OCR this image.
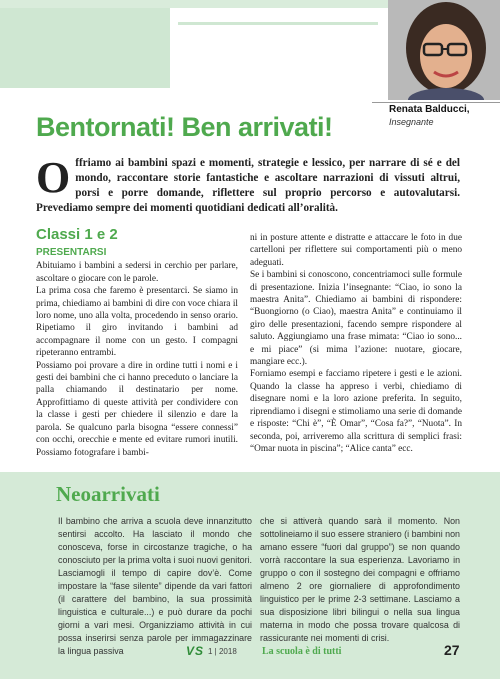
Renata Balducci,
Insegnante
Bentornati! Ben arrivati!

O ffriamo ai bambini spazi e momenti, strategie e lessico, per narrare di sé e del mondo, raccontare storie fantastiche e ascoltare narrazioni di vissuti altrui, porsi e porre domande, riflettere sul proprio percorso e autovalutarsi. Prevediamo sempre dei momenti quotidiani dedicati all’oralità.

Classi 1 e 2
PRESENTARSI

Abituiamo i bambini a sedersi in cerchio per parlare, ascoltare o giocare con le parole.

La prima cosa che faremo è presentarci. Se siamo in prima, chiediamo ai bambini di dire con voce chiara il loro nome, uno alla volta, procedendo in senso orario. Ripetiamo il giro invitando i bambini ad accompagnare il nome con un gesto. I compagni ripeteranno entrambi.

Possiamo poi provare a dire in ordine tutti i nomi e i gesti dei bambini che ci hanno preceduto o lanciare la palla chiamando il destinatario per nome. Approfittiamo di queste attività per condividere con la classe i gesti per chiedere il silenzio e dare la parola. Se qualcuno parla bisogna “essere connessi” con occhi, orecchie e mente ed evitare rumori inutili. Possiamo fotografare i bambi-

ni in posture attente e distratte e attaccare le foto in due cartelloni per riflettere sui comportamenti più o meno adeguati.

Se i bambini si conoscono, concentriamoci sulle formule di presentazione. Inizia l’insegnante: “Ciao, io sono la maestra Anita”. Chiediamo ai bambini di rispondere: “Buongiorno (o Ciao), maestra Anita” e continuiamo il giro delle presentazioni, facendo sempre rispondere al saluto. Aggiungiamo una frase mimata: “Ciao io sono... e mi piace” (si mima l’azione: nuotare, giocare, mangiare ecc.).

Forniamo esempi e facciamo ripetere i gesti e le azioni. Quando la classe ha appreso i verbi, chiediamo di disegnare nomi e la loro azione preferita. In seguito, riprendiamo i disegni e stimoliamo una serie di domande e risposte: “Chi è”, “È Omar”, “Cosa fa?”, “Nuota”. In seconda, poi, arriveremo alla scrittura di semplici frasi: “Omar nuota in piscina”; “Alice canta” ecc.

Neoarrivati

Il bambino che arriva a scuola deve innanzitutto sentirsi accolto. Ha lasciato il mondo che conosceva, forse in circostanze tragiche, o ha conosciuto per la prima volta i suoi nuovi genitori. Lasciamogli il tempo di capire dov’è. Come impostare la “fase silente” dipende da vari fattori (il carattere del bambino, la sua prossimità linguistica e culturale...) e può durare da pochi giorni a vari mesi. Organizziamo attività in cui possa inserirsi senza parole per immagazzinare la lingua passiva

che si attiverà quando sarà il momento. Non sottolineiamo il suo essere straniero (i bambini non amano essere “fuori dal gruppo”) se non quando vorrà raccontare la sua esperienza. Lavoriamo in gruppo o con il sostegno dei compagni e offriamo almeno 2 ore giornaliere di approfondimento linguistico per le prime 2-3 settimane. Lasciamo a sua disposizione libri bilingui o nella sua lingua materna in modo che possa trovare qualcosa di rassicurante nei momenti di crisi.

VS 1 | 2018	La scuola è di tutti	27
